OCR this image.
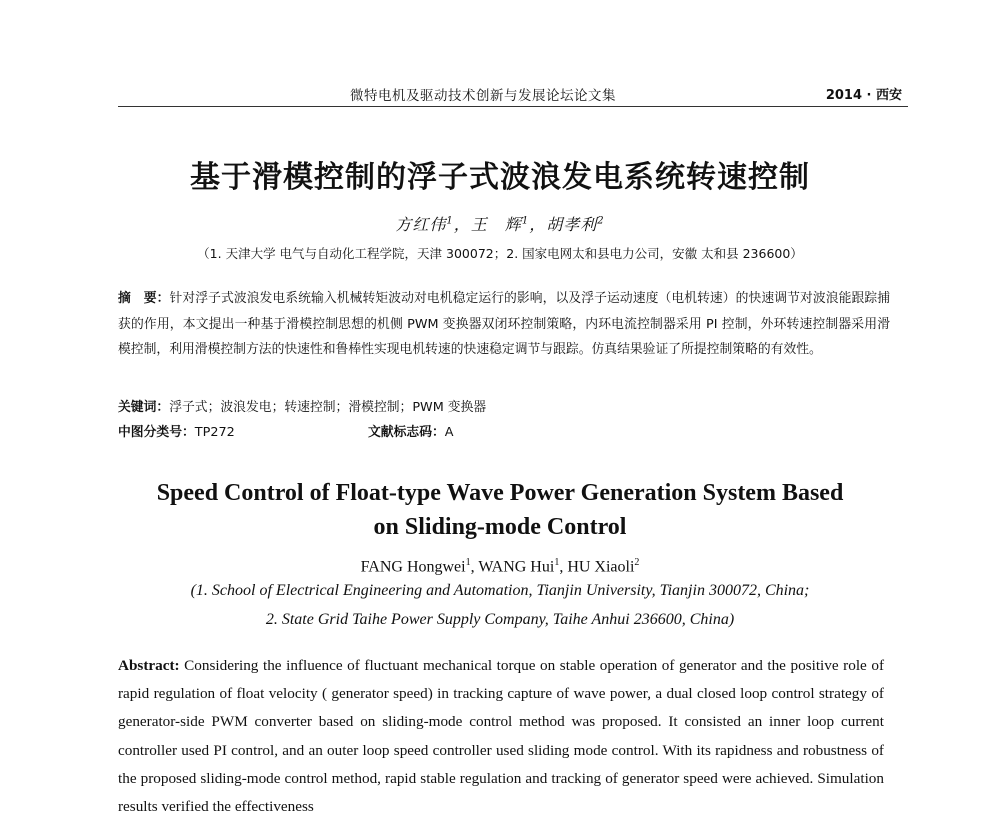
微特电机及驱动技术创新与发展论坛论文集	2014 · 西安
基于滑模控制的浮子式波浪发电系统转速控制
方红伟$^1$，王　辉$^1$，胡孝利$^2$
（1. 天津大学 电气与自动化工程学院，天津 300072；2. 国家电网太和县电力公司，安徽 太和县 236600）
摘　要：针对浮子式波浪发电系统输入机械转矩波动对电机稳定运行的影响，以及浮子运动速度（电机转速）的快速调节对波浪能跟踪捕获的作用，本文提出一种基于滑模控制思想的机侧 PWM 变换器双闭环控制策略，内环电流控制器采用 PI 控制，外环转速控制器采用滑模控制，利用滑模控制方法的快速性和鲁棒性实现电机转速的快速稳定调节与跟踪。仿真结果验证了所提控制策略的有效性。
关键词：浮子式；波浪发电；转速控制；滑模控制；PWM 变换器
中图分类号：TP272	文献标志码：A
Speed Control of Float-type Wave Power Generation System Based
on Sliding-mode Control
FANG Hongwei$^1$, WANG Hui$^1$, HU Xiaoli$^2$
(1. School of Electrical Engineering and Automation, Tianjin University, Tianjin 300072, China;
2. State Grid Taihe Power Supply Company, Taihe Anhui 236600, China)
Abstract: Considering the influence of fluctuant mechanical torque on stable operation of generator and the positive role of rapid regulation of float velocity ( generator speed) in tracking capture of wave power, a dual closed loop control strategy of generator-side PWM converter based on sliding-mode control method was proposed. It consisted an inner loop current controller used PI control, and an outer loop speed controller used sliding mode control. With its rapidness and robustness of the proposed sliding-mode control method, rapid stable regulation and tracking of generator speed were achieved. Simulation results verified the effectiveness
